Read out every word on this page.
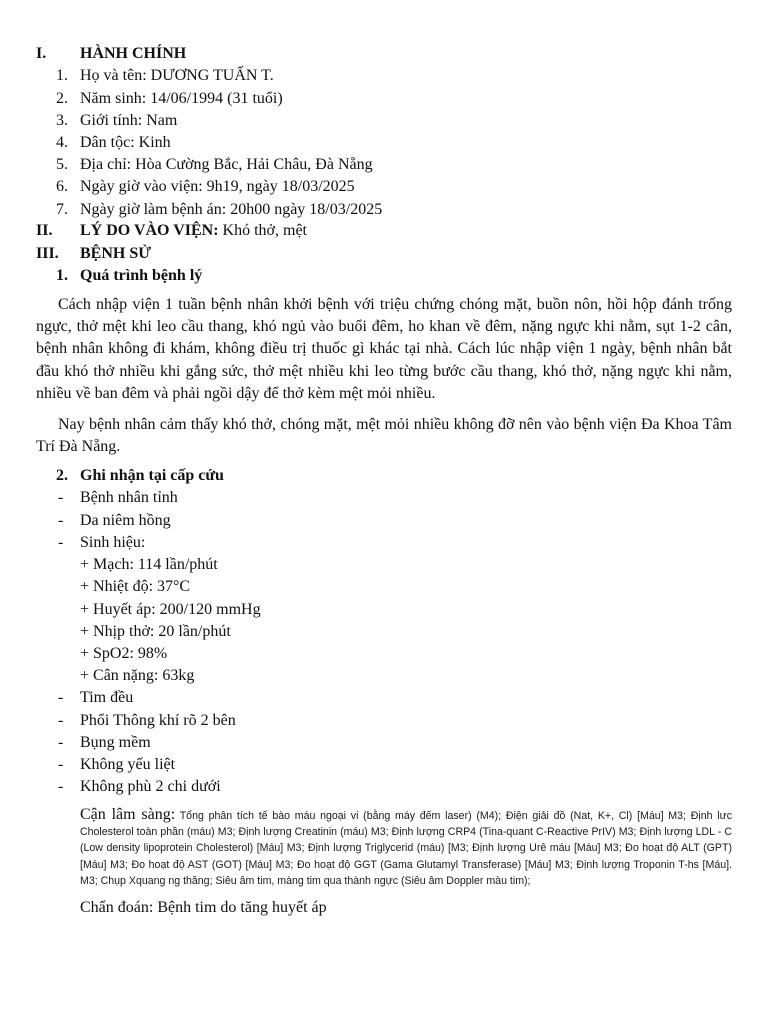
I. HÀNH CHÍNH
1. Họ và tên: DƯƠNG TUẤN T.
2. Năm sinh: 14/06/1994 (31 tuổi)
3. Giới tính: Nam
4. Dân tộc: Kinh
5. Địa chỉ: Hòa Cường Bắc, Hải Châu, Đà Nẵng
6. Ngày giờ vào viện: 9h19, ngày 18/03/2025
7. Ngày giờ làm bệnh án: 20h00 ngày 18/03/2025
II. LÝ DO VÀO VIỆN: Khó thở, mệt
III. BỆNH SỬ
1. Quá trình bệnh lý
Cách nhập viện 1 tuần bệnh nhân khởi bệnh với triệu chứng chóng mặt, buồn nôn, hồi hộp đánh trống ngực, thở mệt khi leo cầu thang, khó ngủ vào buổi đêm, ho khan về đêm, nặng ngực khi nằm, sụt 1-2 cân, bệnh nhân không đi khám, không điều trị thuốc gì khác tại nhà. Cách lúc nhập viện 1 ngày, bệnh nhân bắt đầu khó thở nhiều khi gắng sức, thở mệt nhiều khi leo từng bước cầu thang, khó thở, nặng ngực khi nằm, nhiều về ban đêm và phải ngồi dậy để thở kèm mệt mỏi nhiều.
Nay bệnh nhân cảm thấy khó thở, chóng mặt, mệt mỏi nhiều không đỡ nên vào bệnh viện Đa Khoa Tâm Trí Đà Nẵng.
2. Ghi nhận tại cấp cứu
- Bệnh nhân tỉnh
- Da niêm hồng
- Sinh hiệu:
+ Mạch: 114 lần/phút
+ Nhiệt độ: 37°C
+ Huyết áp: 200/120 mmHg
+ Nhịp thở: 20 lần/phút
+ SpO2: 98%
+ Cân nặng: 63kg
- Tim đều
- Phổi Thông khí rõ 2 bên
- Bụng mềm
- Không yếu liệt
- Không phù 2 chi dưới
Cận lâm sàng: Tổng phân tích tế bào máu ngoại vi (bằng máy đếm laser) (M4); Điện giải đồ (Nat, K+, Cl) [Máu] M3; Định lưc Cholesterol toàn phần (máu) M3; Định lượng Creatinin (máu) M3; Định lượng CRP4 (Tina-quant C-Reactive PrIV) M3; Định lượng LDL - C (Low density lipoprotein Cholesterol) [Máu] M3; Định lượng Triglycerid (máu) [M3; Định lượng Urê máu [Máu] M3; Đo hoạt độ ALT (GPT) [Máu] M3; Đo hoạt độ AST (GOT) [Máu] M3; Đo hoạt độ GGT (Gama Glutamyl Transferase) [Máu] M3; Định lượng Troponin T-hs [Máu]. M3; Chụp Xquang ng thăng; Siêu âm tim, màng tim qua thành ngực (Siêu âm Doppler màu tim);
Chẩn đoán: Bệnh tim do tăng huyết áp
